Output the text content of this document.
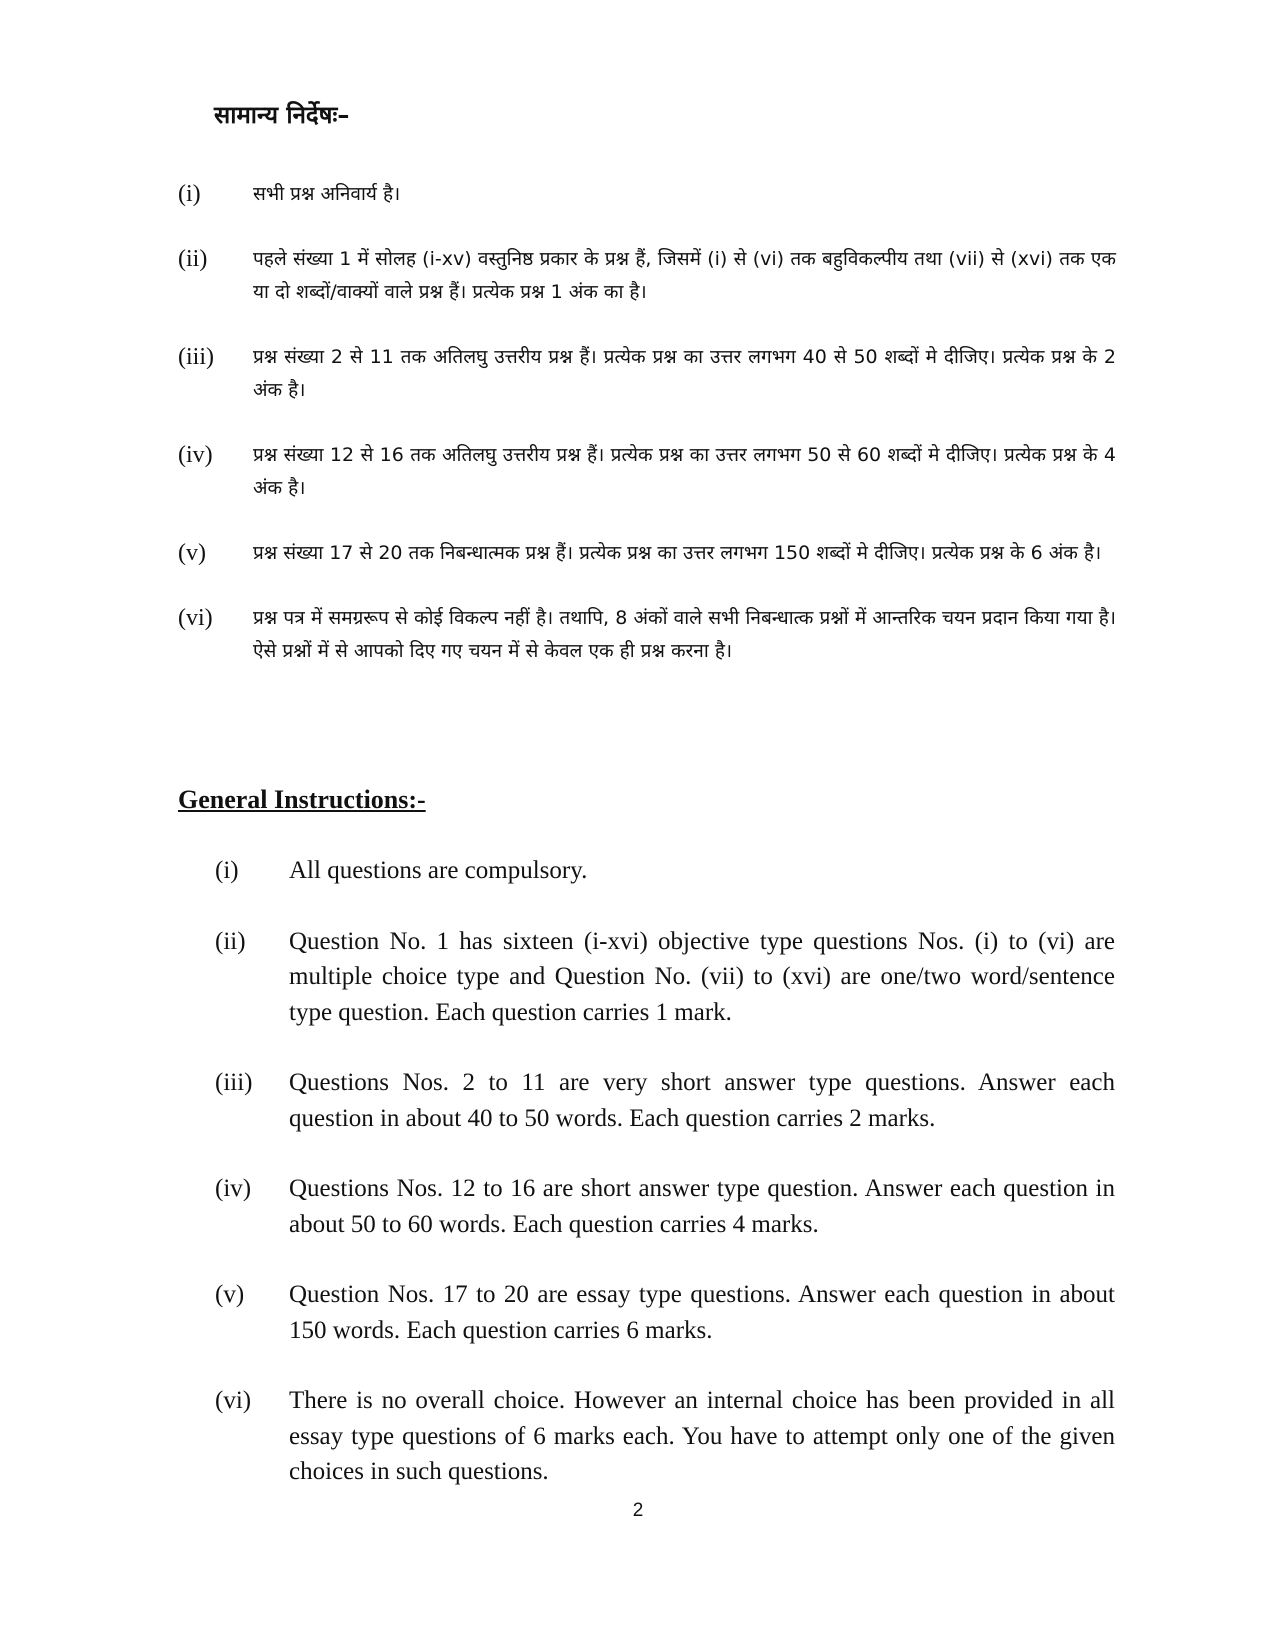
सामान्य निर्देषः–
(i)	सभी प्रश्न अनिवार्य है।
(ii) पहले संख्या 1 में सोलह (i-xv) वस्तुनिष्ठ प्रकार के प्रश्न हैं, जिसमें (i) से (vi) तक बहुविकल्पीय तथा (vii) से (xvi) तक एक या दो शब्दों/वाक्यों वाले प्रश्न हैं। प्रत्येक प्रश्न 1 अंक का है।
(iii) प्रश्न संख्या 2 से 11 तक अतिलघु उत्तरीय प्रश्न हैं। प्रत्येक प्रश्न का उत्तर लगभग 40 से 50 शब्दों मे दीजिए। प्रत्येक प्रश्न के 2 अंक है।
(iv) प्रश्न संख्या 12 से 16 तक अतिलघु उत्तरीय प्रश्न हैं। प्रत्येक प्रश्न का उत्तर लगभग 50 से 60 शब्दों मे दीजिए। प्रत्येक प्रश्न के 4 अंक है।
(v) प्रश्न संख्या 17 से 20 तक निबन्धात्मक प्रश्न हैं। प्रत्येक प्रश्न का उत्तर लगभग 150 शब्दों मे दीजिए। प्रत्येक प्रश्न के 6 अंक है।
(vi) प्रश्न पत्र में समग्ररूप से कोई विकल्प नहीं है। तथापि, 8 अंकों वाले सभी निबन्धात्क प्रश्नों में आन्तरिक चयन प्रदान किया गया है। ऐसे प्रश्नों में से आपको दिए गए चयन में से केवल एक ही प्रश्न करना है।
General Instructions:-
(i) All questions are compulsory.
(ii) Question No. 1 has sixteen (i-xvi) objective type questions Nos. (i) to (vi) are multiple choice type and Question No. (vii) to (xvi) are one/two word/sentence type question. Each question carries 1 mark.
(iii) Questions Nos. 2 to 11 are very short answer type questions. Answer each question in about 40 to 50 words. Each question carries 2 marks.
(iv) Questions Nos. 12 to 16 are short answer type question. Answer each question in about 50 to 60 words. Each question carries 4 marks.
(v) Question Nos. 17 to 20 are essay type questions. Answer each question in about 150 words. Each question carries 6 marks.
(vi) There is no overall choice. However an internal choice has been provided in all essay type questions of 6 marks each. You have to attempt only one of the given choices in such questions.
2
